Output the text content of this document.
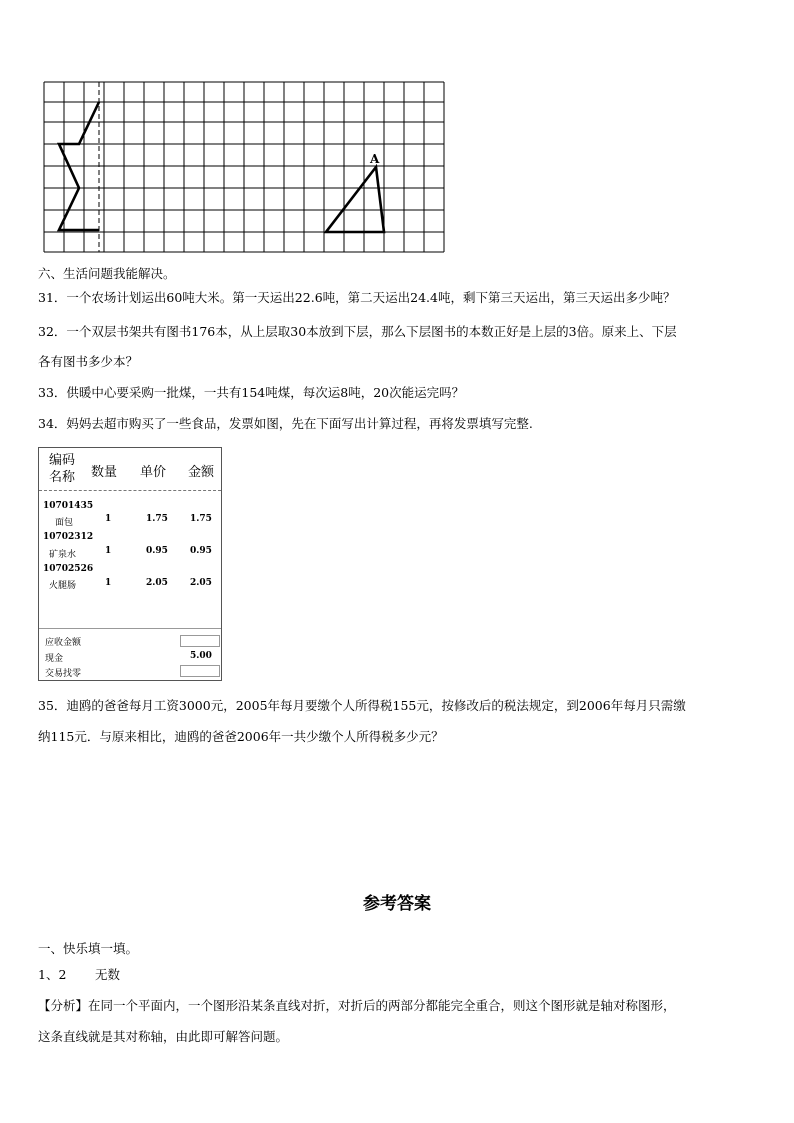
A
六、生活问题我能解决。
31．一个农场计划运出60吨大米。第一天运出22.6吨，第二天运出24.4吨，剩下第三天运出，第三天运出多少吨？
32．一个双层书架共有图书176本，从上层取30本放到下层，那么下层图书的本数正好是上层的3倍。原来上、下层
各有图书多少本？
33．供暖中心要采购一批煤，一共有154吨煤，每次运8吨，20次能运完吗？
34．妈妈去超市购买了一些食品，发票如图，先在下面写出计算过程，再将发票填写完整.
编码
名称 数量 单价 金额
10701435
面包	1	1.75 1.75
10702312
矿泉水	1	0.95 0.95
10702526
火腿肠	1	2.05 2.05
应收金额
现金	5.00
交易找零
35．迪鸥的爸爸每月工资3000元，2005年每月要缴个人所得税155元，按修改后的税法规定，到2006年每月只需缴
纳115元．与原来相比，迪鸥的爸爸2006年一共少缴个人所得税多少元？
参考答案
一、快乐填一填。
1、2 无数
【分析】在同一个平面内，一个图形沿某条直线对折，对折后的两部分都能完全重合，则这个图形就是轴对称图形，
这条直线就是其对称轴，由此即可解答问题。
